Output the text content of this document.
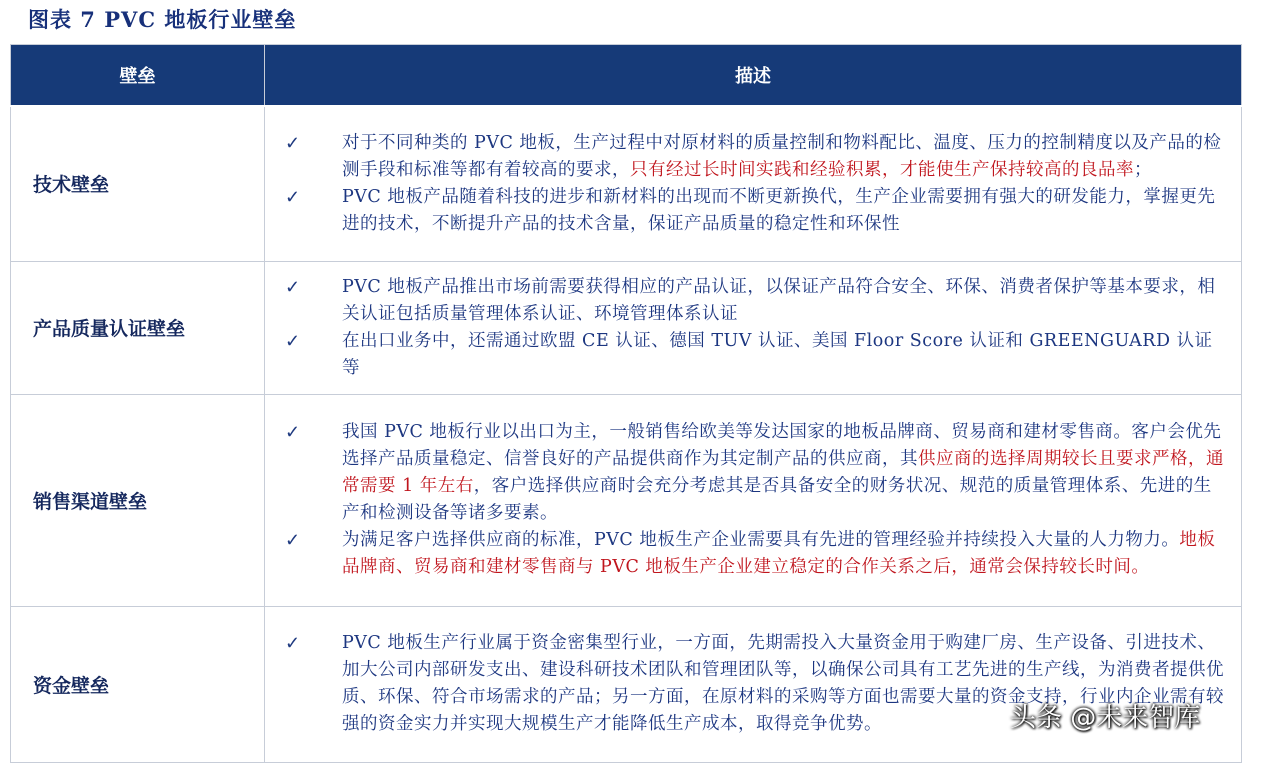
图表 7 PVC 地板行业壁垒
壁垒	描述
技术壁垒	✓ 对于不同种类的 PVC 地板，生产过程中对原材料的质量控制和物料配比、温度、压力的控制精度以及产品的检测手段和标准等都有着较高的要求，只有经过长时间实践和经验积累，才能使生产保持较高的良品率；
✓ PVC 地板产品随着科技的进步和新材料的出现而不断更新换代，生产企业需要拥有强大的研发能力，掌握更先进的技术，不断提升产品的技术含量，保证产品质量的稳定性和环保性

产品质量认证壁垒	✓ PVC 地板产品推出市场前需要获得相应的产品认证，以保证产品符合安全、环保、消费者保护等基本要求，相关认证包括质量管理体系认证、环境管理体系认证
✓ 在出口业务中，还需通过欧盟 CE 认证、德国 TUV 认证、美国 Floor Score 认证和 GREENGUARD 认证等

销售渠道壁垒	✓ 我国 PVC 地板行业以出口为主，一般销售给欧美等发达国家的地板品牌商、贸易商和建材零售商。客户会优先选择产品质量稳定、信誉良好的产品提供商作为其定制产品的供应商，其供应商的选择周期较长且要求严格，通常需要 1 年左右，客户选择供应商时会充分考虑其是否具备安全的财务状况、规范的质量管理体系、先进的生产和检测设备等诸多要素。
✓ 为满足客户选择供应商的标准，PVC 地板生产企业需要具有先进的管理经验并持续投入大量的人力物力。地板品牌商、贸易商和建材零售商与 PVC 地板生产企业建立稳定的合作关系之后，通常会保持较长时间。

资金壁垒	✓ PVC 地板生产行业属于资金密集型行业，一方面，先期需投入大量资金用于购建厂房、生产设备、引进技术、加大公司内部研发支出、建设科研技术团队和管理团队等，以确保公司具有工艺先进的生产线，为消费者提供优质、环保、符合市场需求的产品；另一方面，在原材料的采购等方面也需要大量的资金支持，行业内企业需有较强的资金实力并实现大规模生产才能降低生产成本，取得竞争优势。	头条 @未来智库
